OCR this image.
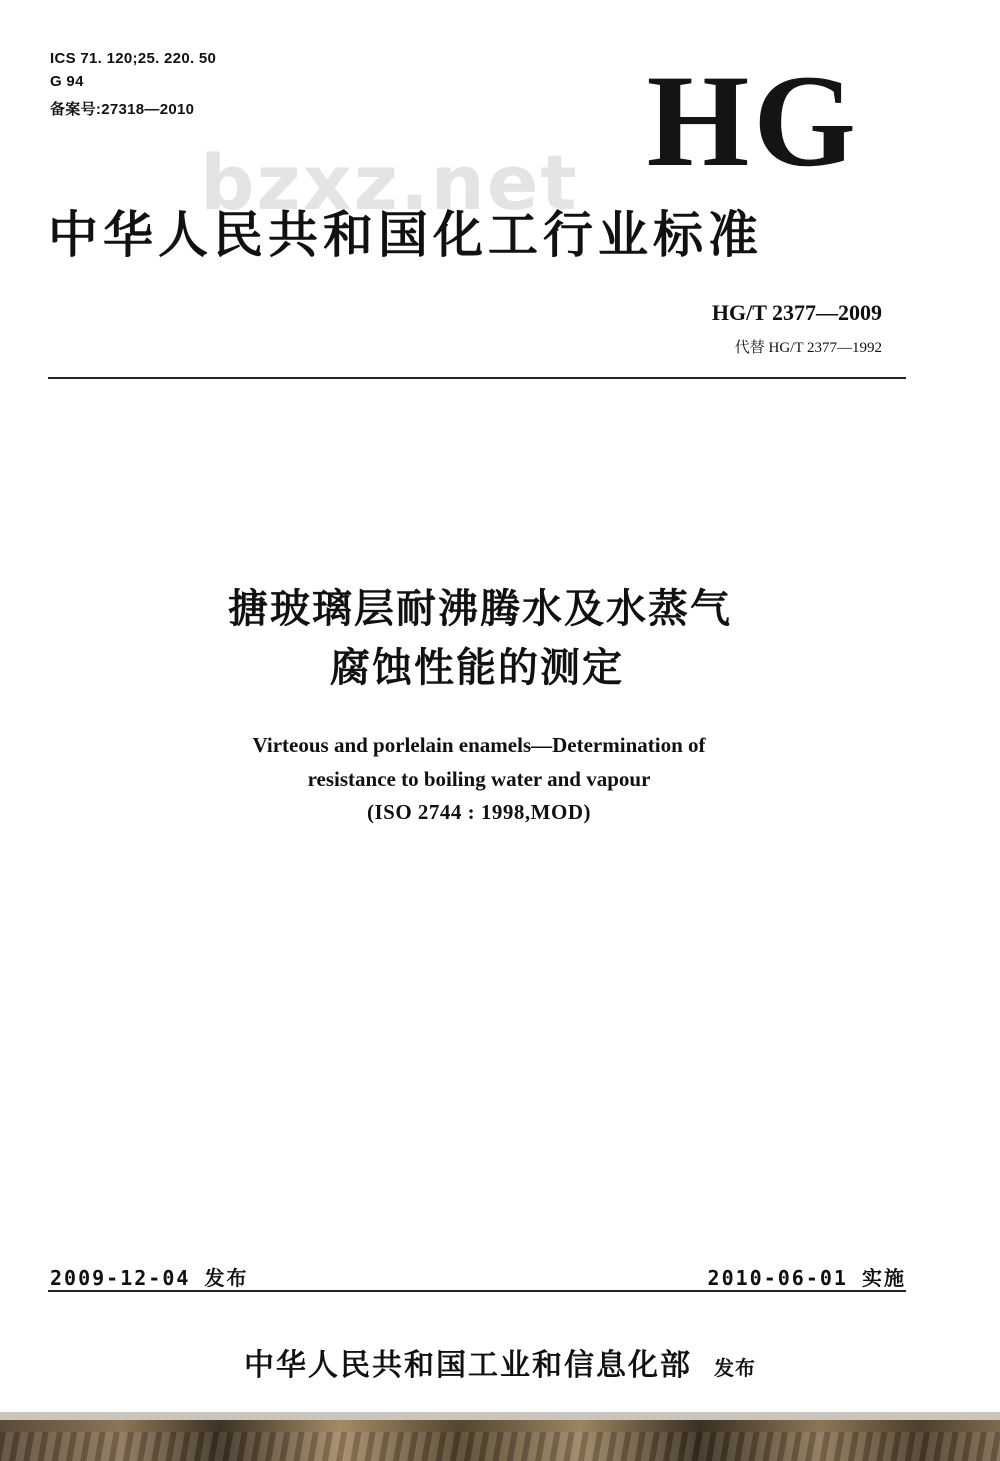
ICS 71. 120;25. 220. 50
G 94
备案号:27318—2010	HG
bzxz.net
中华人民共和国化工行业标准
HG/T 2377—2009
代替 HG/T 2377—1992
搪玻璃层耐沸腾水及水蒸气
腐蚀性能的测定
Virteous and porlelain enamels—Determination of
resistance to boiling water and vapour
(ISO 2744 : 1998,MOD)
2009-12-04 发布	2010-06-01 实施
中华人民共和国工业和信息化部 发布
